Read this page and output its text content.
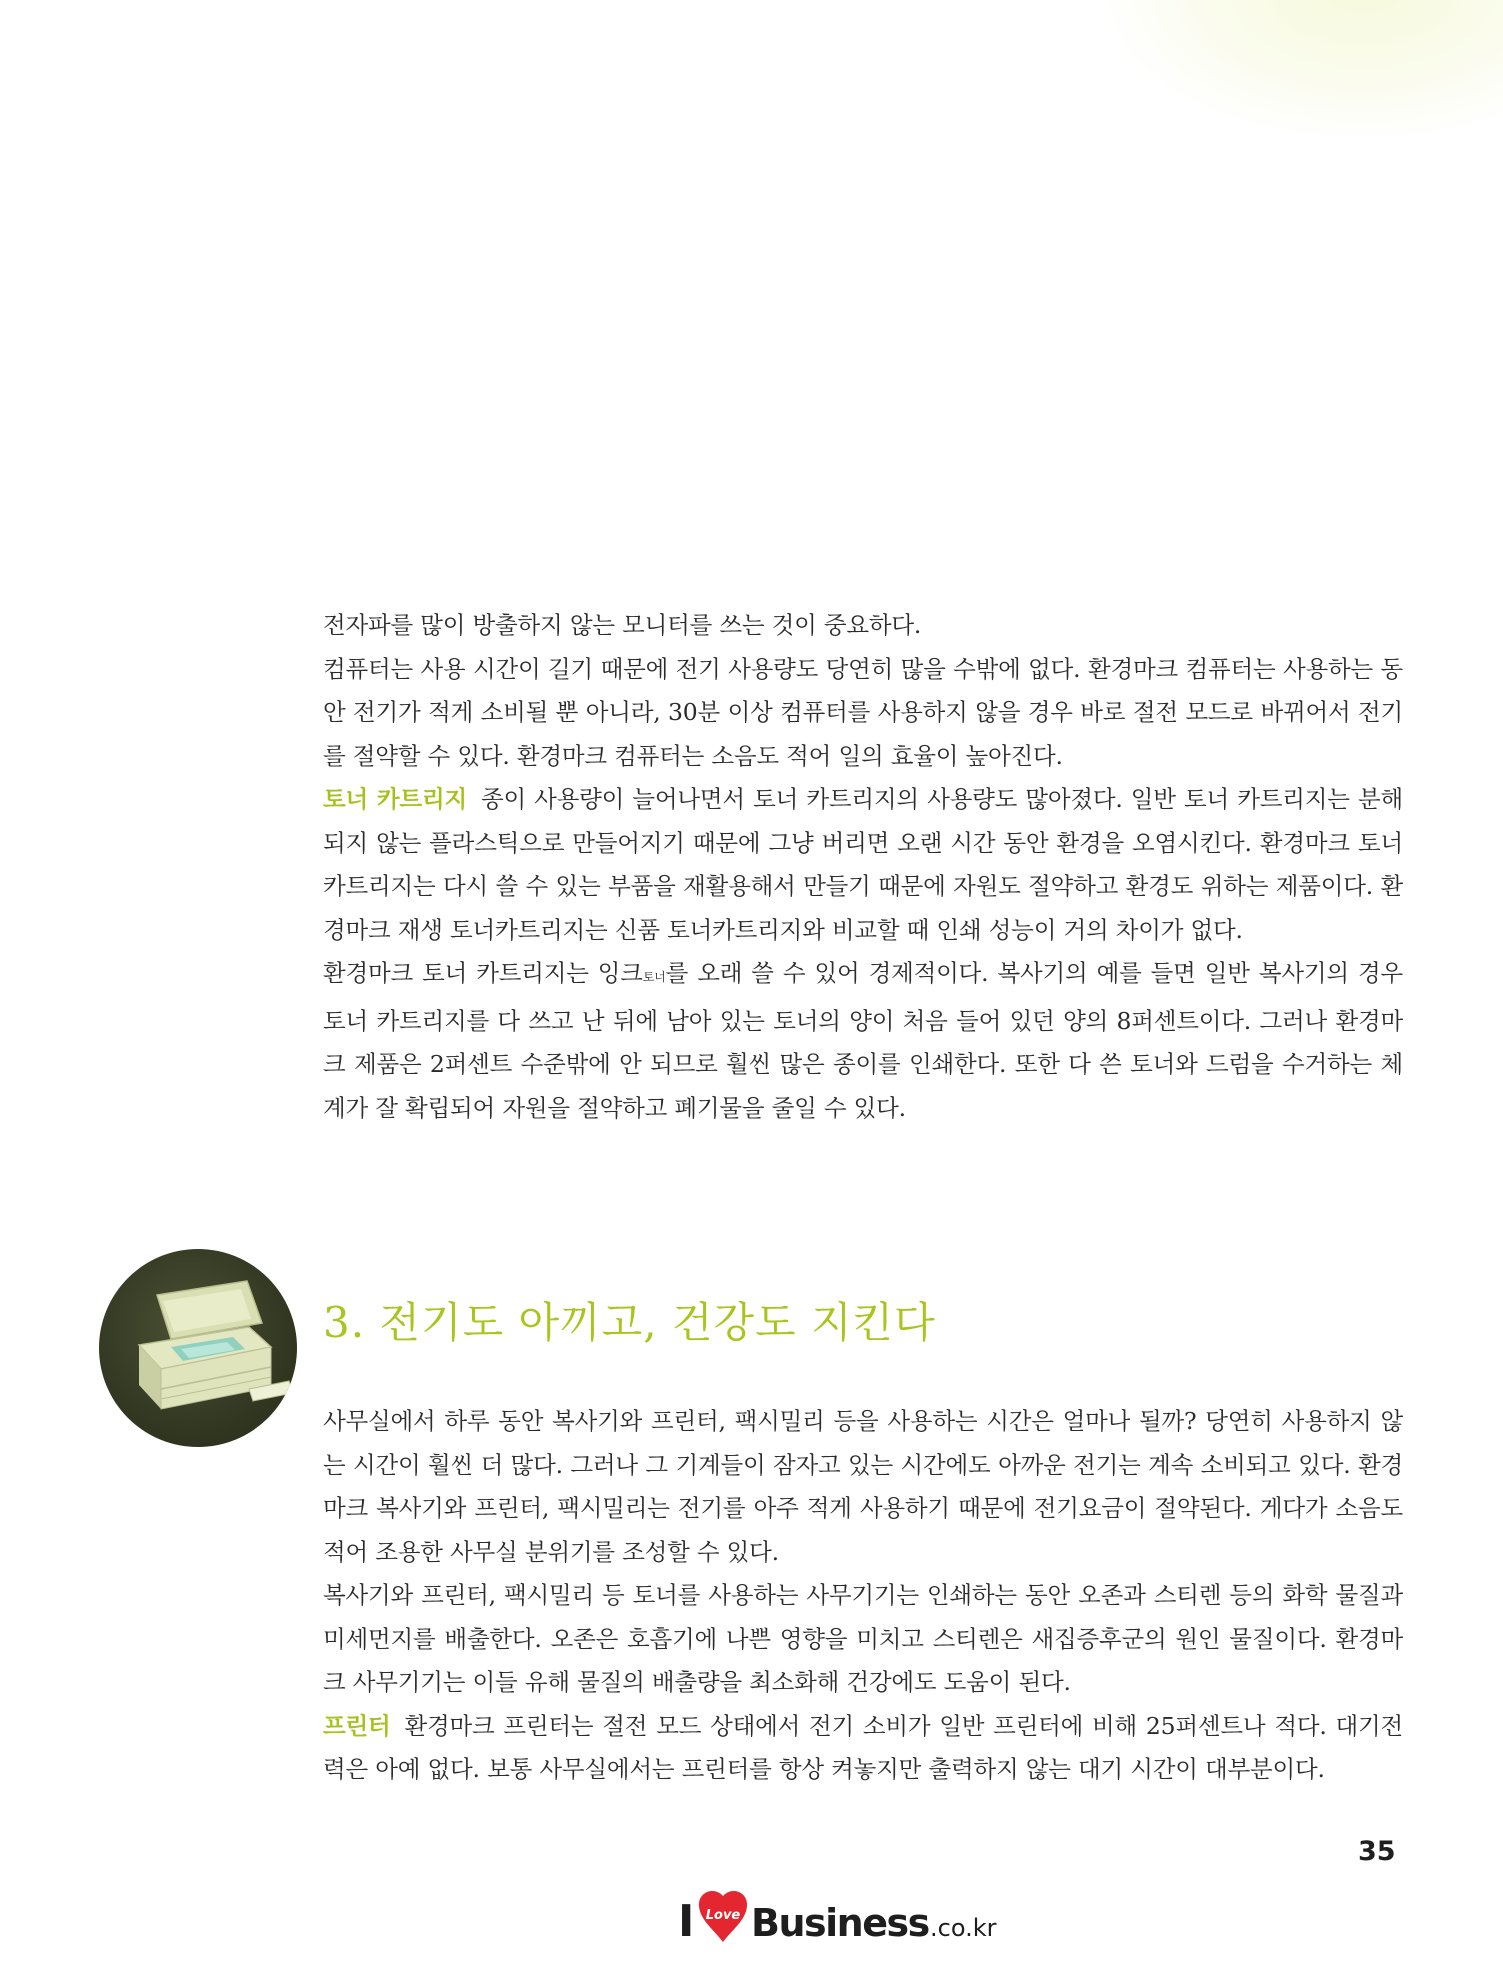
전자파를 많이 방출하지 않는 모니터를 쓰는 것이 중요하다.

컴퓨터는 사용 시간이 길기 때문에 전기 사용량도 당연히 많을 수밖에 없다. 환경마크 컴퓨터는 사용하는 동안 전기가 적게 소비될 뿐 아니라, 30분 이상 컴퓨터를 사용하지 않을 경우 바로 절전 모드로 바뀌어서 전기를 절약할 수 있다. 환경마크 컴퓨터는 소음도 적어 일의 효율이 높아진다.

토너 카트리지 종이 사용량이 늘어나면서 토너 카트리지의 사용량도 많아졌다. 일반 토너 카트리지는 분해되지 않는 플라스틱으로 만들어지기 때문에 그냥 버리면 오랜 시간 동안 환경을 오염시킨다. 환경마크 토너 카트리지는 다시 쓸 수 있는 부품을 재활용해서 만들기 때문에 자원도 절약하고 환경도 위하는 제품이다. 환경마크 재생 토너카트리지는 신품 토너카트리지와 비교할 때 인쇄 성능이 거의 차이가 없다.

환경마크 토너 카트리지는 잉크토너를 오래 쓸 수 있어 경제적이다. 복사기의 예를 들면 일반 복사기의 경우 토너 카트리지를 다 쓰고 난 뒤에 남아 있는 토너의 양이 처음 들어 있던 양의 8퍼센트이다. 그러나 환경마크 제품은 2퍼센트 수준밖에 안 되므로 훨씬 많은 종이를 인쇄한다. 또한 다 쓴 토너와 드럼을 수거하는 체계가 잘 확립되어 자원을 절약하고 폐기물을 줄일 수 있다.

3. 전기도 아끼고, 건강도 지킨다

사무실에서 하루 동안 복사기와 프린터, 팩시밀리 등을 사용하는 시간은 얼마나 될까? 당연히 사용하지 않는 시간이 훨씬 더 많다. 그러나 그 기계들이 잠자고 있는 시간에도 아까운 전기는 계속 소비되고 있다. 환경마크 복사기와 프린터, 팩시밀리는 전기를 아주 적게 사용하기 때문에 전기요금이 절약된다. 게다가 소음도 적어 조용한 사무실 분위기를 조성할 수 있다.

복사기와 프린터, 팩시밀리 등 토너를 사용하는 사무기기는 인쇄하는 동안 오존과 스티렌 등의 화학 물질과 미세먼지를 배출한다. 오존은 호흡기에 나쁜 영향을 미치고 스티렌은 새집증후군의 원인 물질이다. 환경마크 사무기기는 이들 유해 물질의 배출량을 최소화해 건강에도 도움이 된다.

프린터 환경마크 프린터는 절전 모드 상태에서 전기 소비가 일반 프린터에 비해 25퍼센트나 적다. 대기전력은 아예 없다. 보통 사무실에서는 프린터를 항상 켜놓지만 출력하지 않는 대기 시간이 대부분이다.

35

I Love Business .co.kr
